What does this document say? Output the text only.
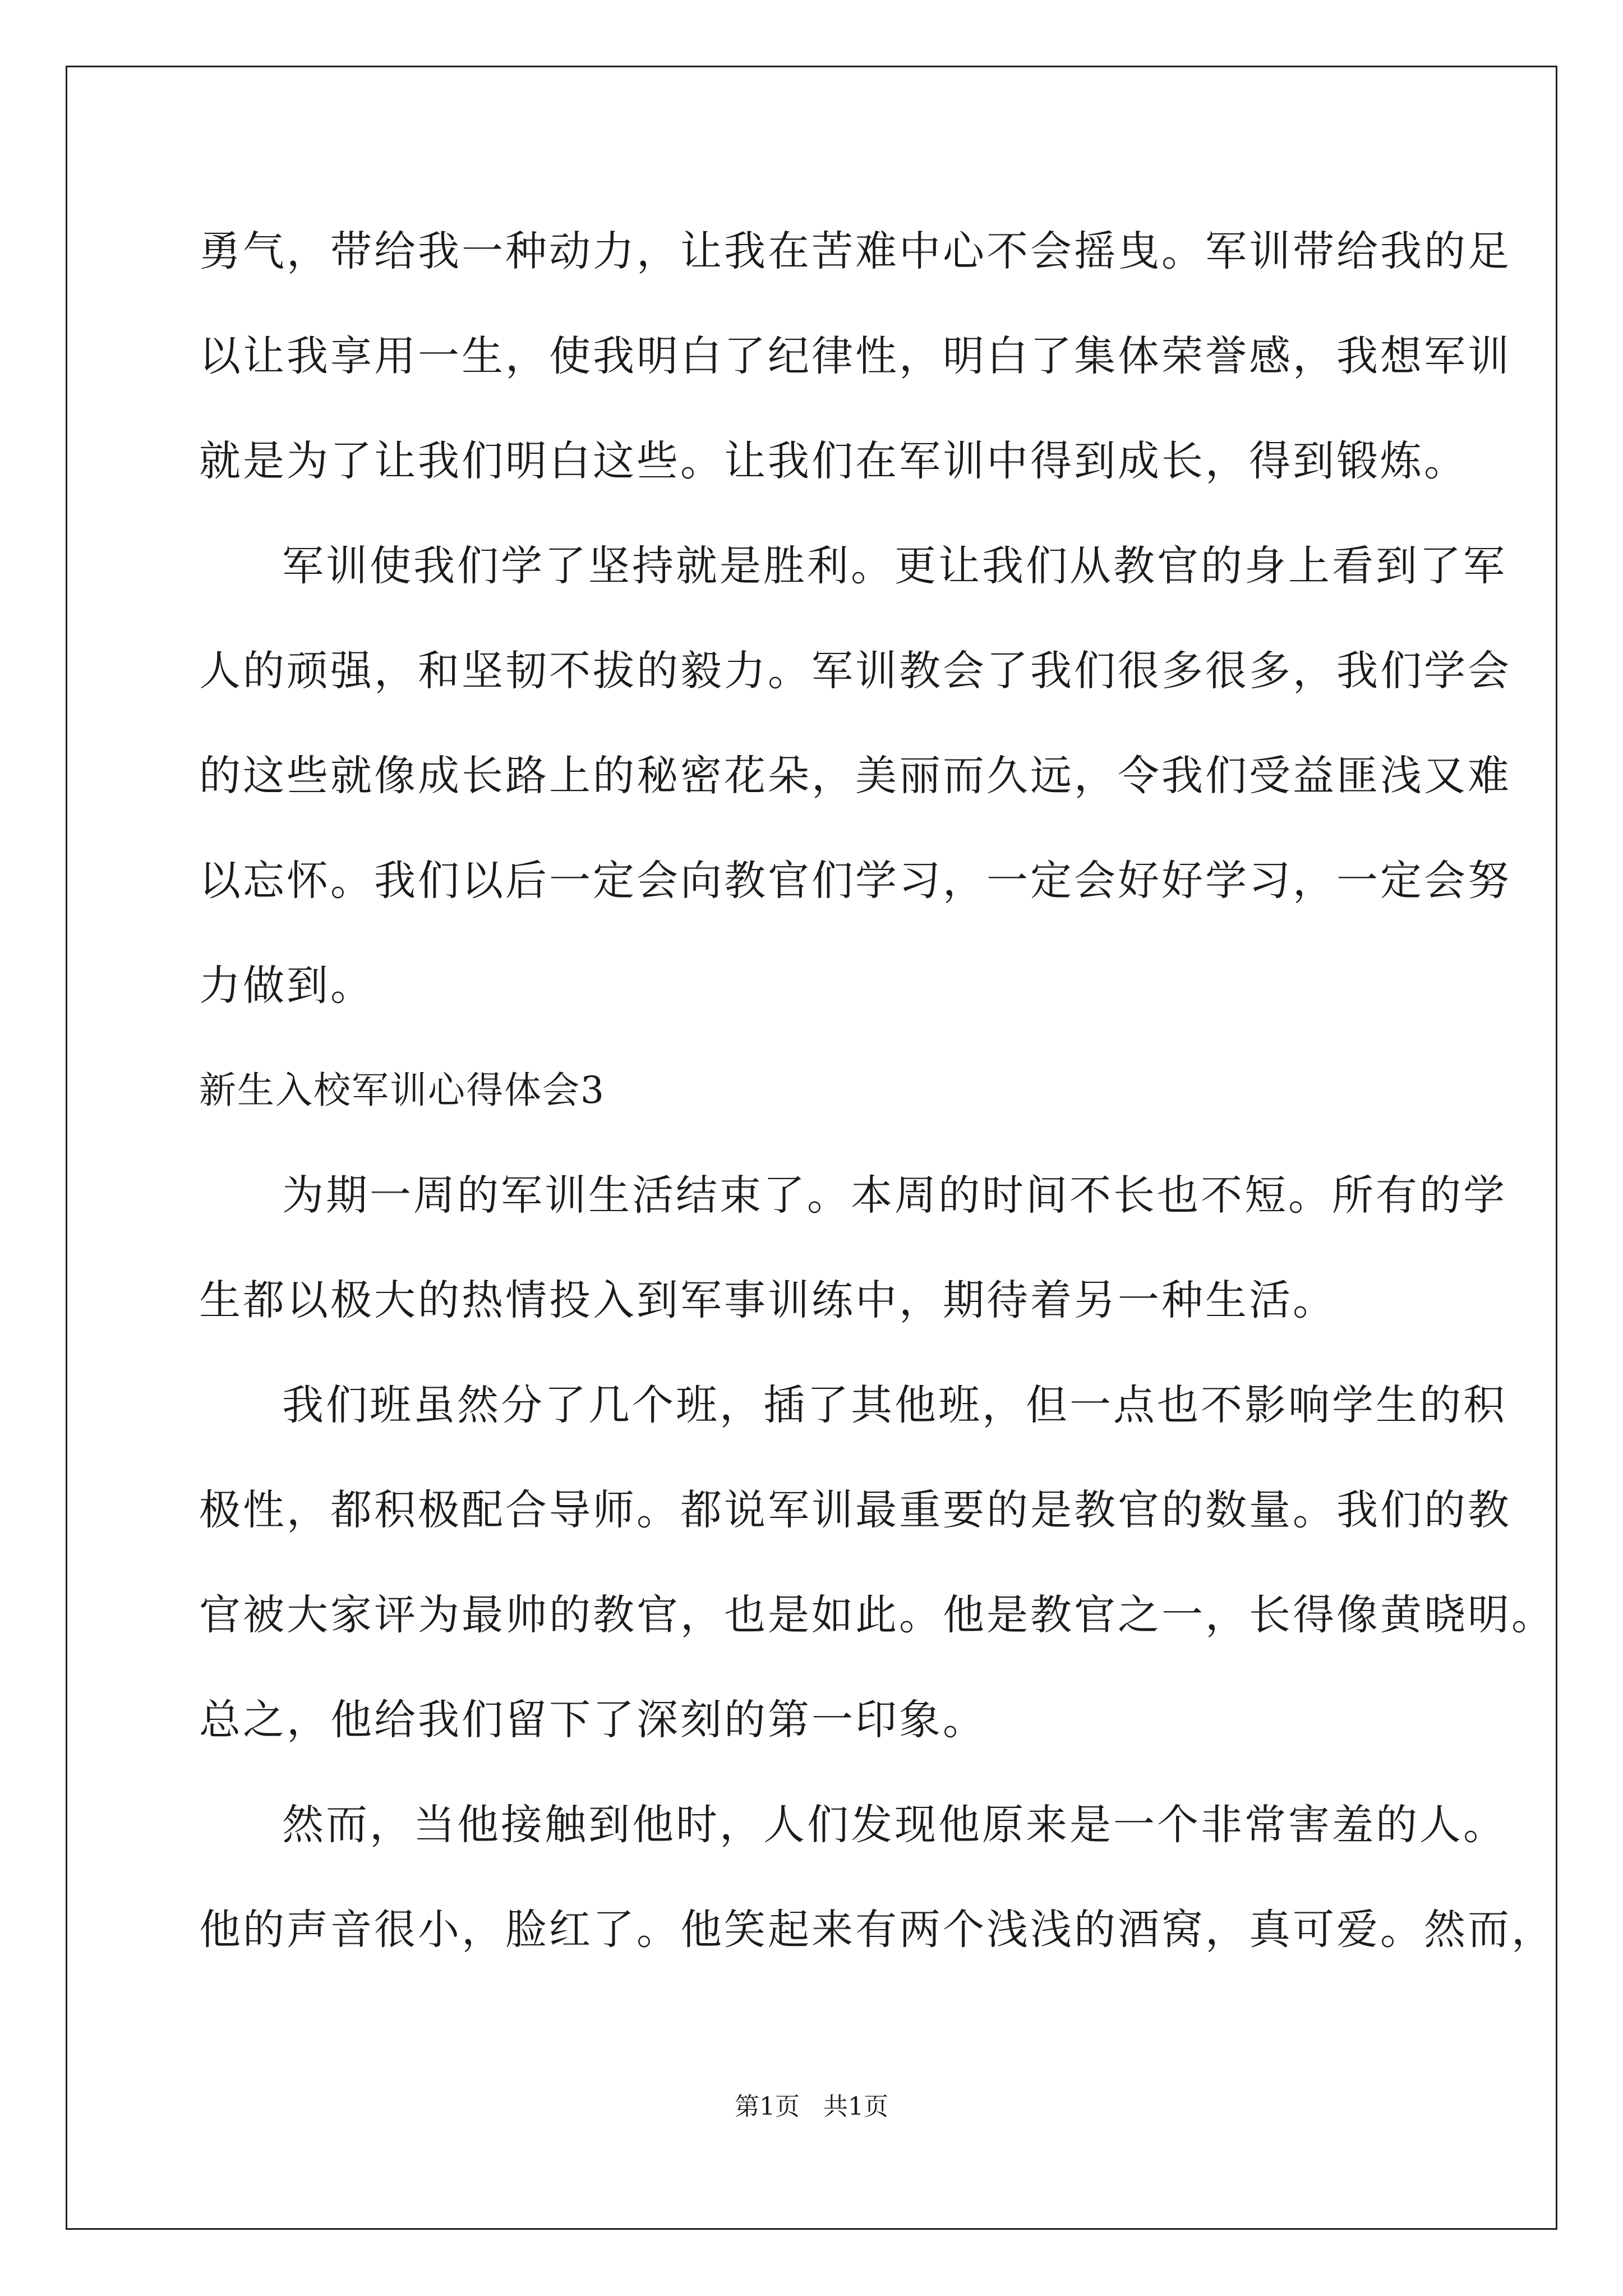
勇气，带给我一种动力，让我在苦难中心不会摇曳。军训带给我的足
以让我享用一生，使我明白了纪律性，明白了集体荣誉感，我想军训
就是为了让我们明白这些。让我们在军训中得到成长，得到锻炼。
军训使我们学了坚持就是胜利。更让我们从教官的身上看到了军
人的顽强，和坚韧不拔的毅力。军训教会了我们很多很多，我们学会
的这些就像成长路上的秘密花朵，美丽而久远，令我们受益匪浅又难
以忘怀。我们以后一定会向教官们学习，一定会好好学习，一定会努
力做到。
新生入校军训心得体会3
为期一周的军训生活结束了。本周的时间不长也不短。所有的学
生都以极大的热情投入到军事训练中，期待着另一种生活。
我们班虽然分了几个班，插了其他班，但一点也不影响学生的积
极性，都积极配合导师。都说军训最重要的是教官的数量。我们的教
官被大家评为最帅的教官，也是如此。他是教官之一，长得像黄晓明。
总之，他给我们留下了深刻的第一印象。
然而，当他接触到他时，人们发现他原来是一个非常害羞的人。
他的声音很小，脸红了。他笑起来有两个浅浅的酒窝，真可爱。然而，
第1页   共1页
